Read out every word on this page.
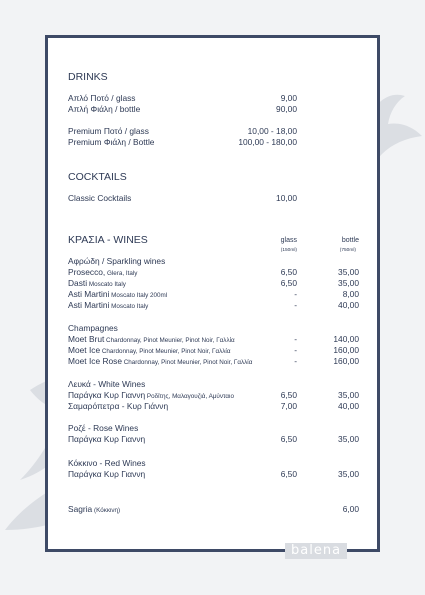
DRINKS
Απλό Ποτό / glass	9,00
Απλή Φιάλη / bottle	90,00
Premium Ποτό / glass	10,00 - 18,00
Premium Φιάλη / Bottle	100,00 - 180,00
COCKTAILS
Classic Cocktails	10,00
ΚΡΑΣΙΑ - WINES	glass	bottle
(150ml)	(750ml)
Αφρώδη / Sparkling wines
Prosecco, Glera, Italy	6,50	35,00
Dasti Moscato Italy	6,50	35,00
Asti Martini Moscato Italy 200ml	-	8,00
Asti Martini Moscato Italy	-	40,00
Champagnes
Moet Brut Chardonnay, Pinot Meunier, Pinot Noir, Γαλλία	-	140,00
Moet Ice Chardonnay, Pinot Meunier, Pinot Noir, Γαλλία	-	160,00
Moet Ice Rose Chardonnay, Pinot Meunier, Pinot Noir, Γαλλία	-	160,00
Λευκά - White Wines
Παράγκα Κυρ Γιαννη Ροδίτης, Μαλαγουζιά, Αμύνταιο	6,50	35,00
Σαμαρόπετρα - Κυρ Γιάννη	7,00	40,00
Ροζέ - Rose Wines
Παράγκα Κυρ Γιαννη	6,50	35,00
Κόκκινο - Red Wines
Παράγκα Κυρ Γιαννη	6,50	35,00
Sagria (Κόκκινη)	6,00
balena
